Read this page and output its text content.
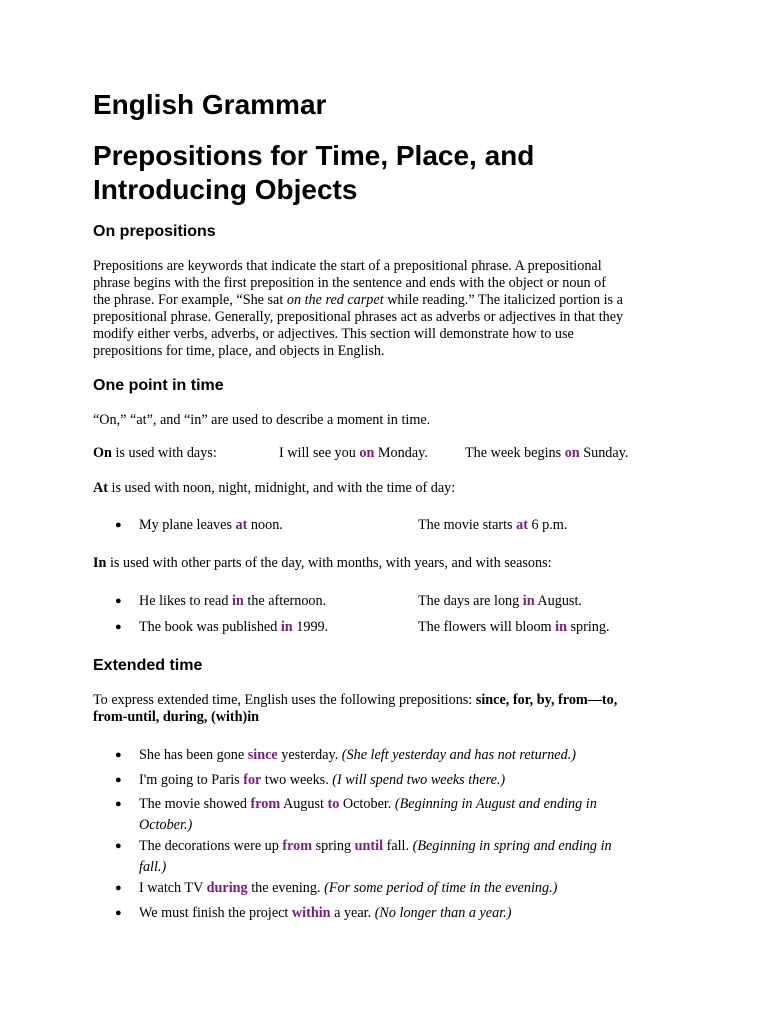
English Grammar
Prepositions for Time, Place, and
Introducing Objects
On prepositions
Prepositions are keywords that indicate the start of a prepositional phrase. A prepositional
phrase begins with the first preposition in the sentence and ends with the object or noun of
the phrase. For example, “She sat on the red carpet while reading.” The italicized portion is a
prepositional phrase. Generally, prepositional phrases act as adverbs or adjectives in that they
modify either verbs, adverbs, or adjectives. This section will demonstrate how to use
prepositions for time, place, and objects in English.
One point in time
“On,” “at”, and “in” are used to describe a moment in time.
On is used with days:	I will see you on Monday.	The week begins on Sunday.
At is used with noon, night, midnight, and with the time of day:
● My plane leaves at noon.	The movie starts at 6 p.m.
In is used with other parts of the day, with months, with years, and with seasons:
● He likes to read in the afternoon.	The days are long in August.
● The book was published in 1999.	The flowers will bloom in spring.
Extended time
To express extended time, English uses the following prepositions: since, for, by, from—to,
from-until, during, (with)in
● She has been gone since yesterday. (She left yesterday and has not returned.)
● I'm going to Paris for two weeks. (I will spend two weeks there.)
● The movie showed from August to October. (Beginning in August and ending in
October.)
● The decorations were up from spring until fall. (Beginning in spring and ending in
fall.)
● I watch TV during the evening. (For some period of time in the evening.)
● We must finish the project within a year. (No longer than a year.)
